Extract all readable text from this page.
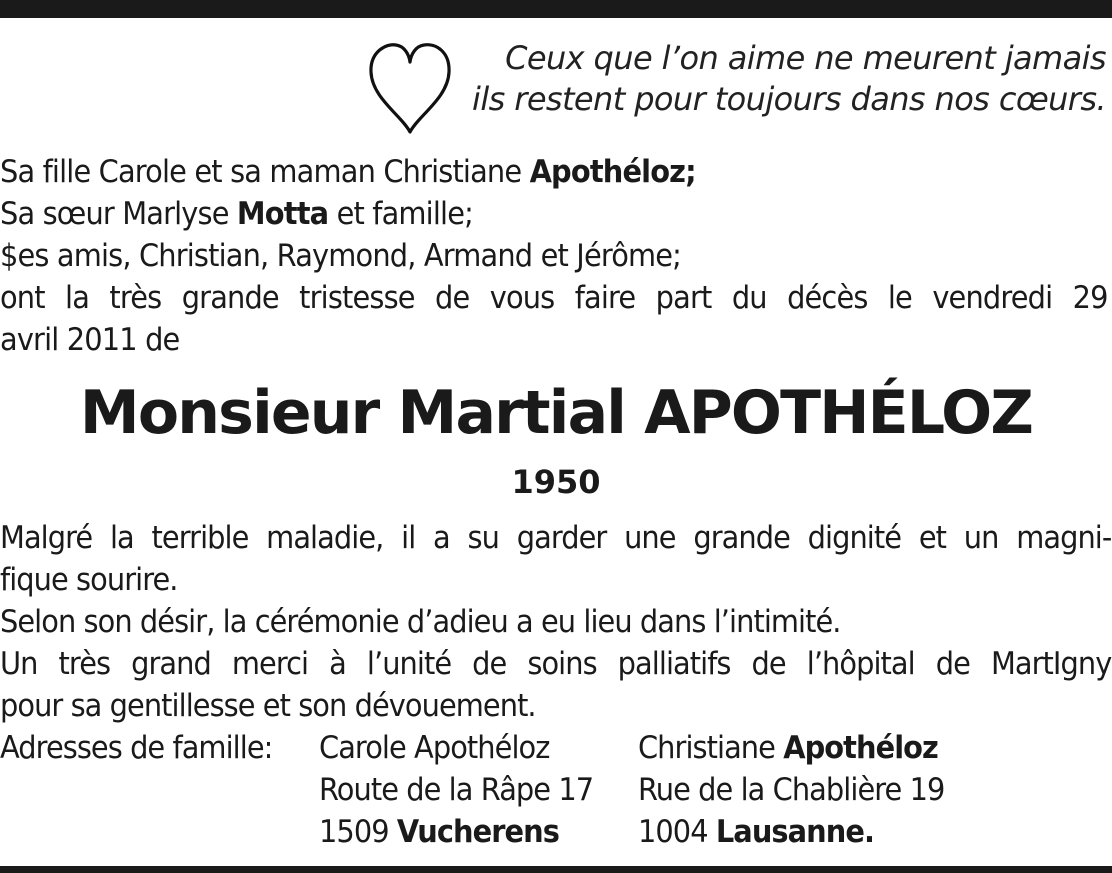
Ceux que l’on aime ne meurent jamais
ils restent pour toujours dans nos cœurs.
Sa fille Carole et sa maman Christiane Apothéloz;
Sa sœur Marlyse Motta et famille;
$es amis, Christian, Raymond, Armand et Jérôme;
ont la très grande tristesse de vous faire part du décès le vendredi 29
avril 2011 de
Monsieur Martial APOTHÉLOZ
1950
Malgré la terrible maladie, il a su garder une grande dignité et un magni-
fique sourire.
Selon son désir, la cérémonie d’adieu a eu lieu dans l’intimité.
Un très grand merci à l’unité de soins palliatifs de l’hôpital de MartIgny
pour sa gentillesse et son dévouement.
Adresses de famille: Carole Apothéloz	Christiane Apothéloz
Route de la Râpe 17 Rue de la Chablière 19
1509 Vucherens	1004 Lausanne.
